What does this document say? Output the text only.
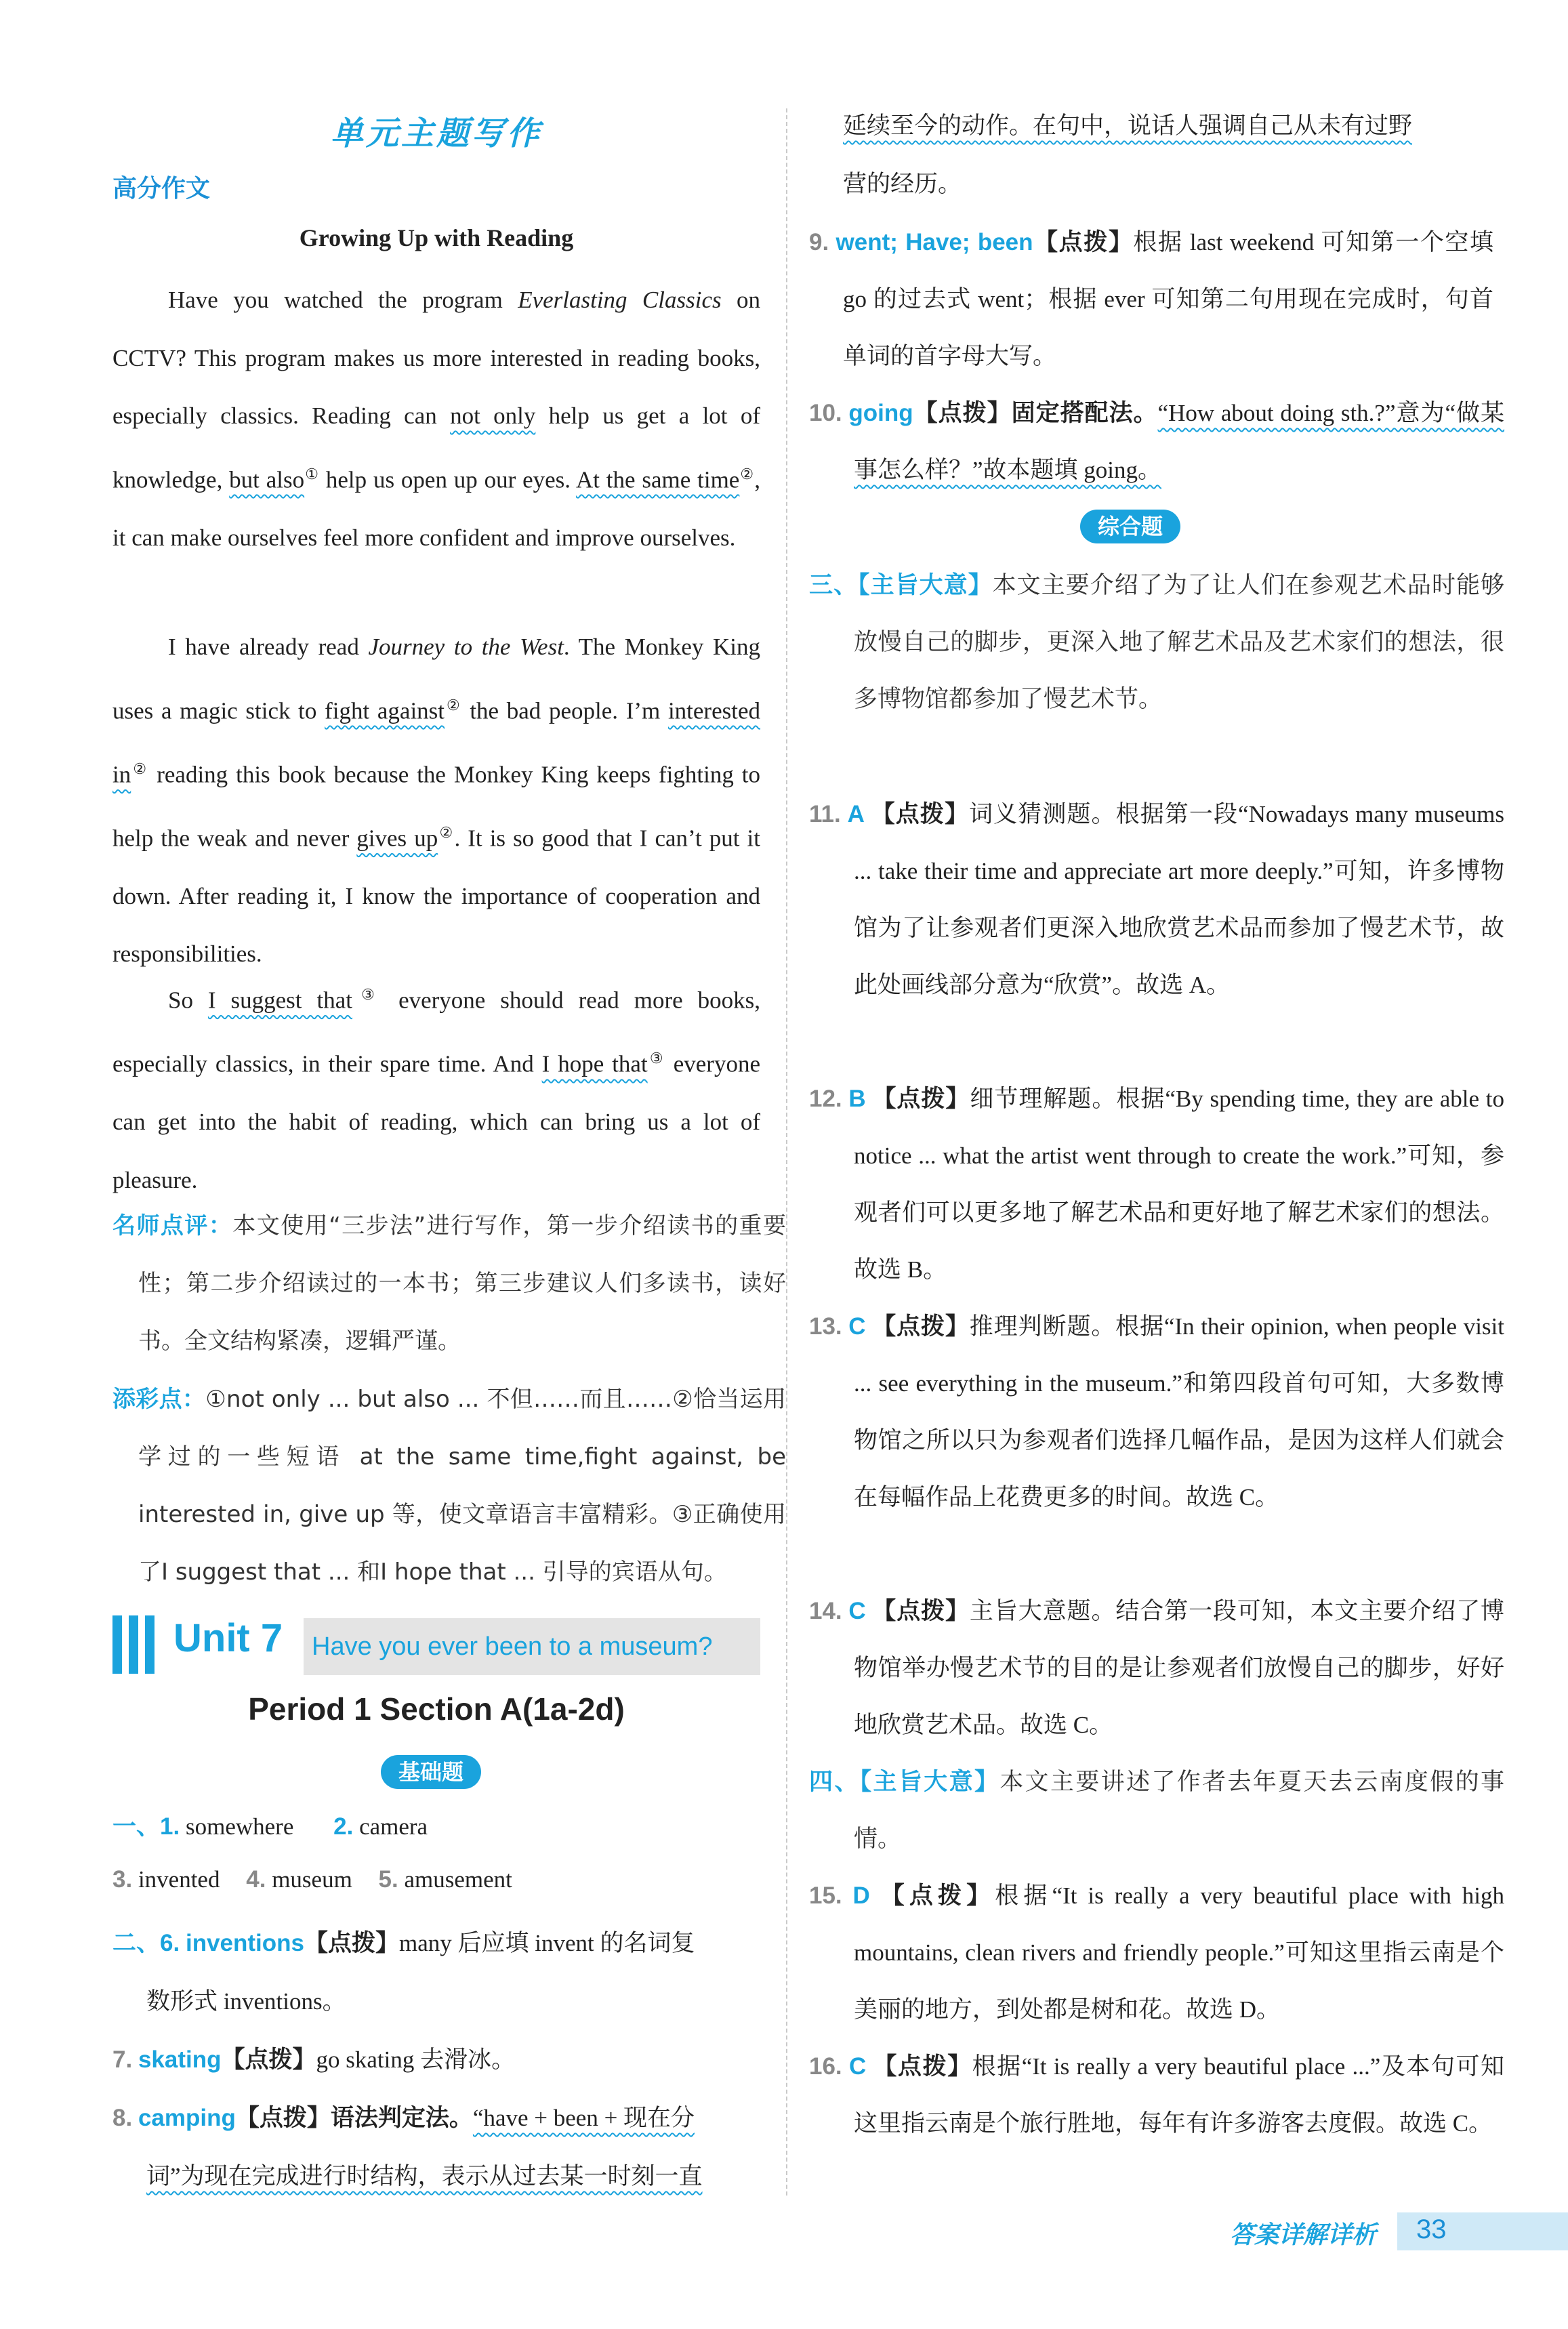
单元主题写作
高分作文
Growing Up with Reading
Have you watched the program Everlasting Classics on CCTV? This program makes us more interested in reading books, especially classics. Reading can not only help us get a lot of knowledge, but also① help us open up our eyes. At the same time②, it can make ourselves feel more confident and improve ourselves.
I have already read Journey to the West. The Monkey King uses a magic stick to fight against② the bad people. I’m interested in② reading this book because the Monkey King keeps fighting to help the weak and never gives up②. It is so good that I can’t put it down. After reading it, I know the importance of cooperation and responsibilities.
So I suggest that③ everyone should read more books, especially classics, in their spare time. And I hope that③ everyone can get into the habit of reading, which can bring us a lot of pleasure.
名师点评：本文使用“三步法”进行写作，第一步介绍读书的重要性；第二步介绍读过的一本书；第三步建议人们多读书，读好书。全文结构紧凑，逻辑严谨。
添彩点：①not only ... but also ... 不但……而且……②恰当运用学过的一些短语 at the same time,fight against, be interested in, give up 等，使文章语言丰富精彩。③正确使用了I suggest that ... 和I hope that ... 引导的宾语从句。
Unit 7	Have you ever been to a museum?
Period 1 Section A(1a-2d)
基础题
一、1. somewhere 2. camera
3. invented 4. museum 5. amusement
二、6. inventions【点拨】many 后应填 invent 的名词复
数形式 inventions。
7. skating【点拨】go skating 去滑冰。
8. camping【点拨】语法判定法。“have + been + 现在分
词”为现在完成进行时结构，表示从过去某一时刻一直
延续至今的动作。在句中，说话人强调自己从未有过野
营的经历。
9. went; Have; been【点拨】根据 last weekend 可知第一个空填 go 的过去式 went；根据 ever 可知第二句用现在完成时，句首单词的首字母大写。
10. going【点拨】固定搭配法。“How about doing sth.?”意为“做某事怎么样？”故本题填 going。
综合题
三、【主旨大意】本文主要介绍了为了让人们在参观艺术品时能够放慢自己的脚步，更深入地了解艺术品及艺术家们的想法，很多博物馆都参加了慢艺术节。
11. A 【点拨】词义猜测题。根据第一段“Nowadays many museums ... take their time and appreciate art more deeply.”可知，许多博物馆为了让参观者们更深入地欣赏艺术品而参加了慢艺术节，故此处画线部分意为“欣赏”。故选 A。
12. B 【点拨】细节理解题。根据“By spending time, they are able to notice ... what the artist went through to create the work.”可知，参观者们可以更多地了解艺术品和更好地了解艺术家们的想法。故选 B。
13. C 【点拨】推理判断题。根据“In their opinion, when people visit ... see everything in the museum.”和第四段首句可知，大多数博物馆之所以只为参观者们选择几幅作品，是因为这样人们就会在每幅作品上花费更多的时间。故选 C。
14. C 【点拨】主旨大意题。结合第一段可知，本文主要介绍了博物馆举办慢艺术节的目的是让参观者们放慢自己的脚步，好好地欣赏艺术品。故选 C。
四、【主旨大意】本文主要讲述了作者去年夏天去云南度假的事情。
15. D 【点拨】根据“It is really a very beautiful place with high mountains, clean rivers and friendly people.”可知这里指云南是个美丽的地方，到处都是树和花。故选 D。
16. C 【点拨】根据“It is really a very beautiful place ...”及本句可知这里指云南是个旅行胜地，每年有许多游客去度假。故选 C。
答案详解详析 33
